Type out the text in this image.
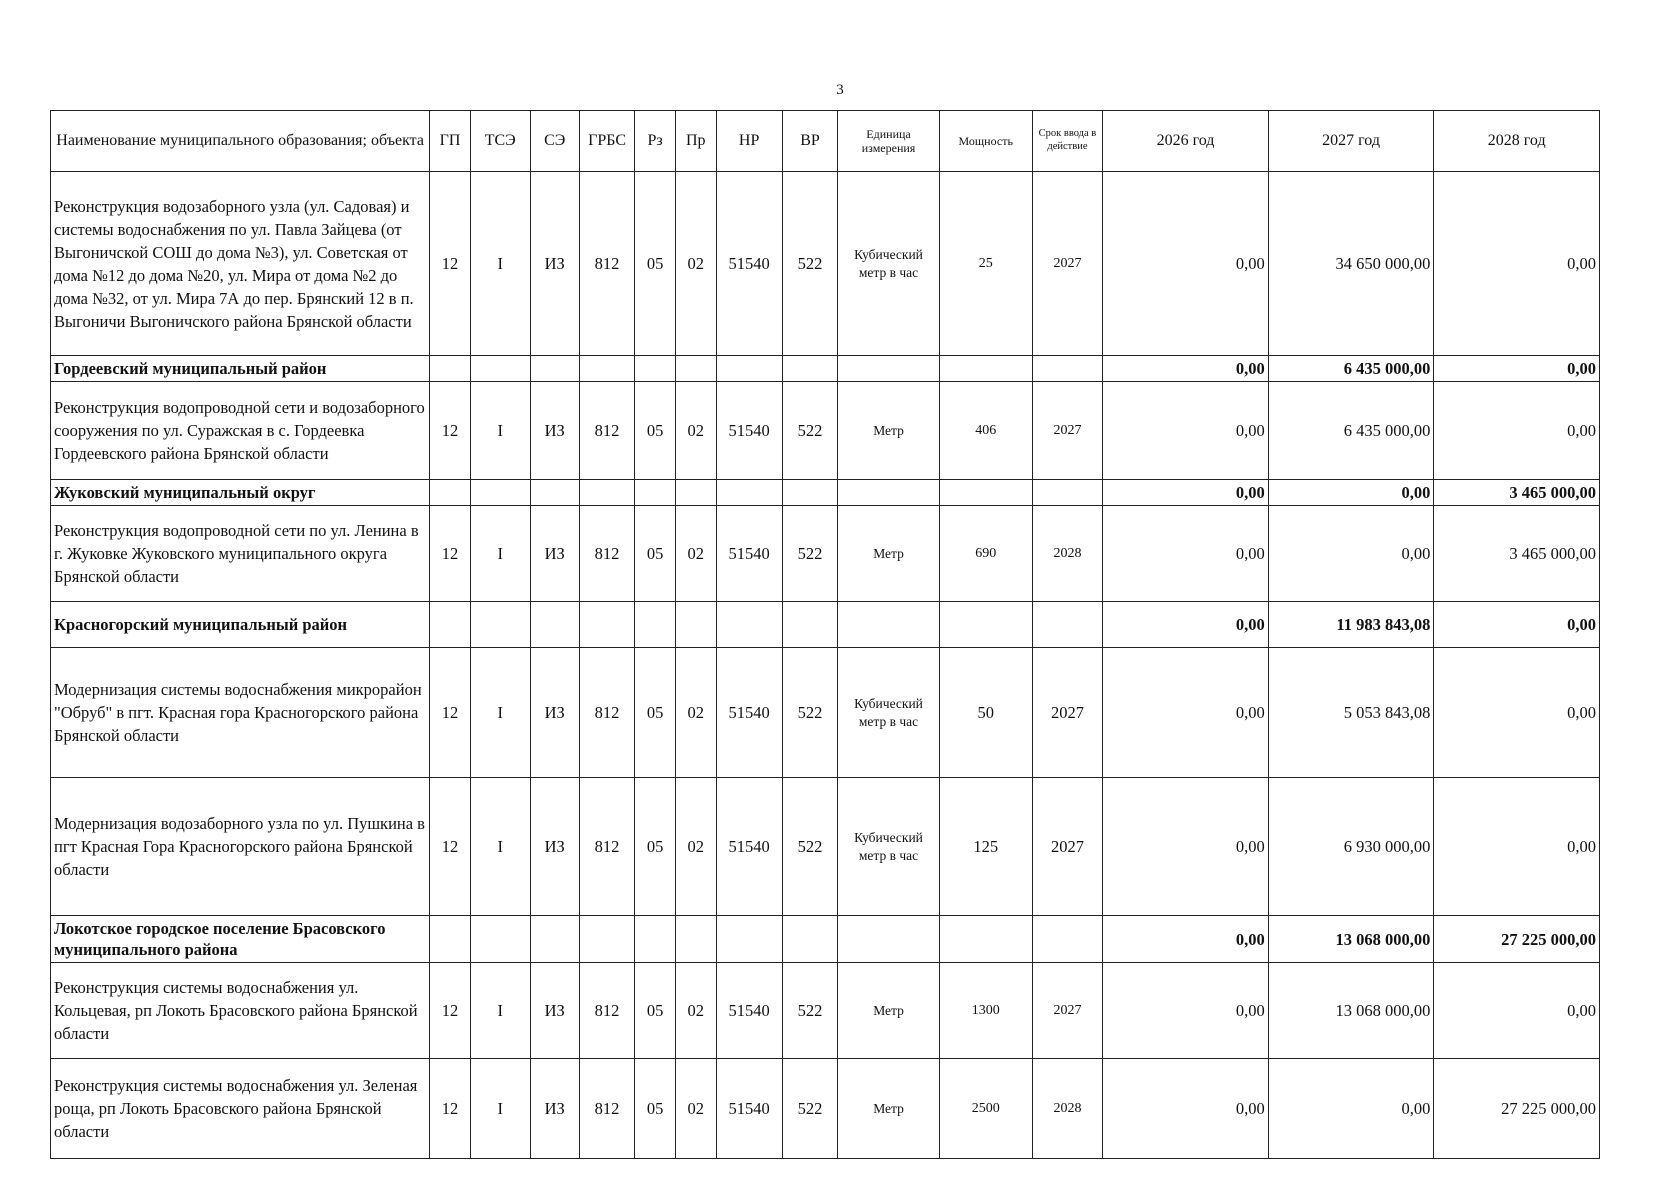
3
Наименование муниципального образования; объекта	ГП	ТСЭ	СЭ	ГРБС	Рз	Пр	НР	ВР	Единица измерения	Мощность	Срок ввода в действие	2026 год	2027 год	2028 год
Реконструкция водозаборного узла (ул. Садовая) и системы водоснабжения по ул. Павла Зайцева (от Выгоничской СОШ до дома №3), ул. Советская от дома №12 до дома №20, ул. Мира от дома №2 до дома №32, от ул. Мира 7А до пер. Брянский 12 в п. Выгоничи Выгоничского района Брянской области	12	I	ИЗ	812	05	02	51540	522	Кубический метр в час	25	2027	0,00	34 650 000,00	0,00
Гордеевский муниципальный район												0,00	6 435 000,00	0,00
Реконструкция водопроводной сети и водозаборного сооружения по ул. Суражская в с. Гордеевка Гордеевского района Брянской области	12	I	ИЗ	812	05	02	51540	522	Метр	406	2027	0,00	6 435 000,00	0,00
Жуковский муниципальный округ												0,00	0,00	3 465 000,00
Реконструкция водопроводной сети по ул. Ленина в г. Жуковке Жуковского муниципального округа Брянской области	12	I	ИЗ	812	05	02	51540	522	Метр	690	2028	0,00	0,00	3 465 000,00
Красногорский муниципальный район												0,00	11 983 843,08	0,00
Модернизация системы водоснабжения микрорайон "Обруб" в пгт. Красная гора Красногорского района Брянской области	12	I	ИЗ	812	05	02	51540	522	Кубический метр в час	50	2027	0,00	5 053 843,08	0,00
Модернизация водозаборного узла по ул. Пушкина в пгт Красная Гора Красногорского района Брянской области	12	I	ИЗ	812	05	02	51540	522	Кубический метр в час	125	2027	0,00	6 930 000,00	0,00
Локотское городское поселение Брасовского муниципального района												0,00	13 068 000,00	27 225 000,00
Реконструкция системы водоснабжения ул. Кольцевая, рп Локоть Брасовского района Брянской области	12	I	ИЗ	812	05	02	51540	522	Метр	1300	2027	0,00	13 068 000,00	0,00
Реконструкция системы водоснабжения ул. Зеленая роща, рп Локоть Брасовского района Брянской области	12	I	ИЗ	812	05	02	51540	522	Метр	2500	2028	0,00	0,00	27 225 000,00
